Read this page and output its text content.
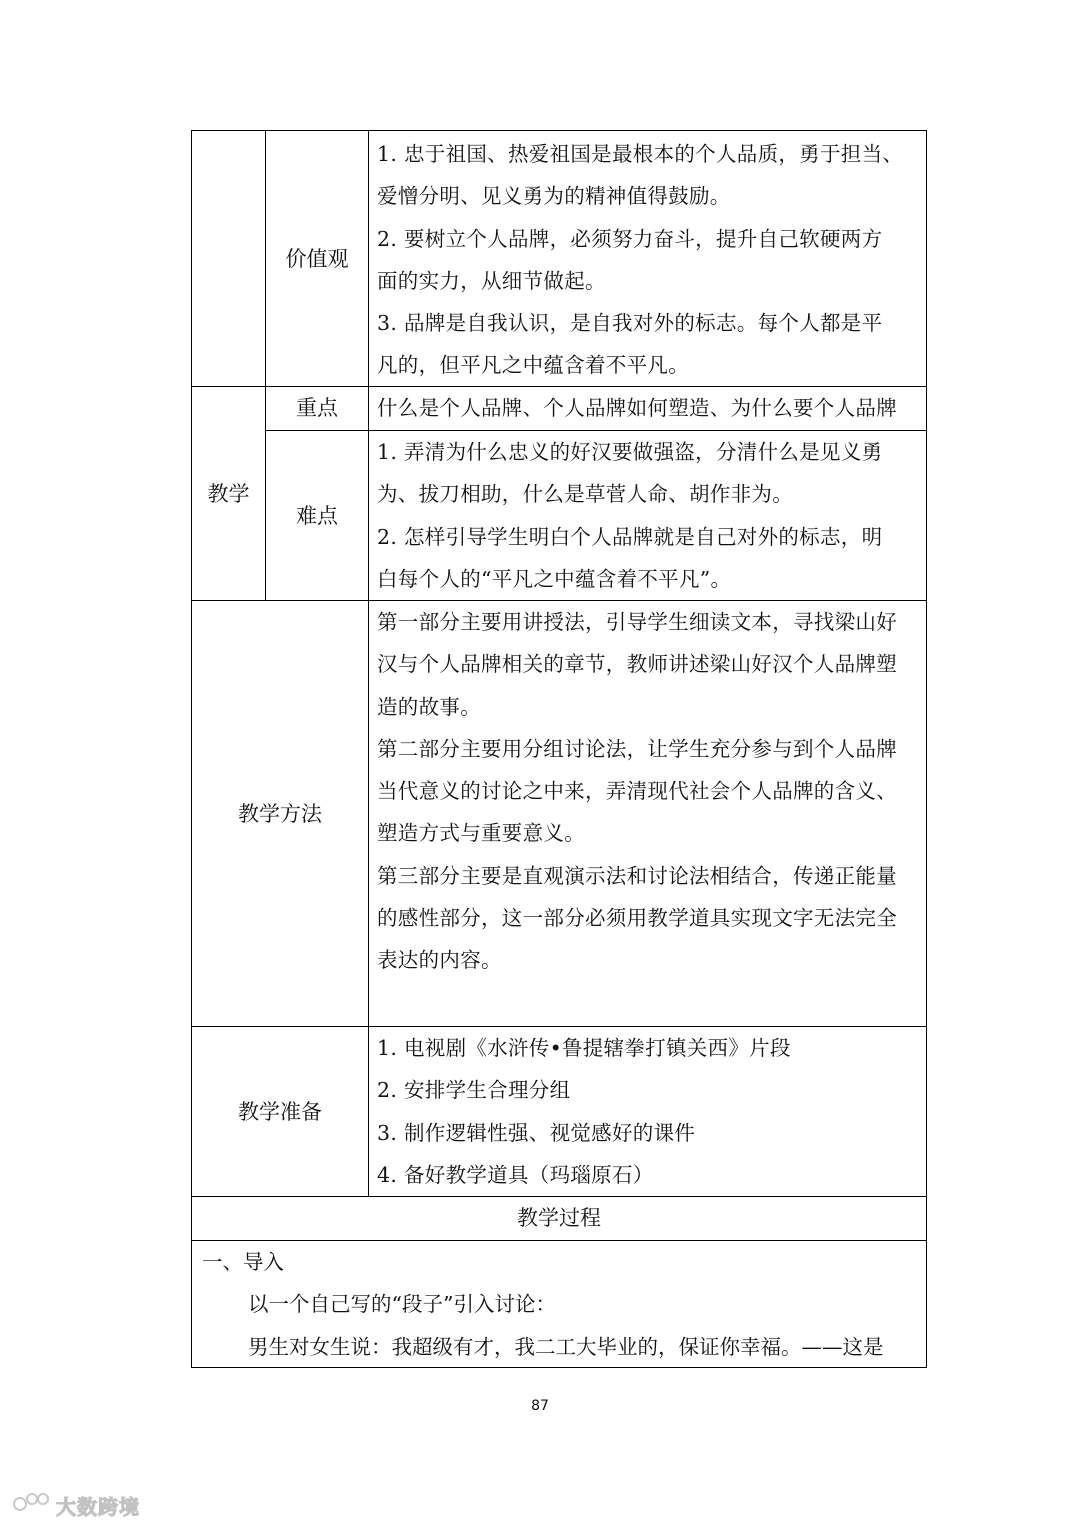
价值观
1. 忠于祖国、热爱祖国是最根本的个人品质，勇于担当、
爱憎分明、见义勇为的精神值得鼓励。
2. 要树立个人品牌，必须努力奋斗，提升自己软硬两方
面的实力，从细节做起。
3. 品牌是自我认识，是自我对外的标志。每个人都是平
凡的，但平凡之中蕴含着不平凡。
教学
重点	什么是个人品牌、个人品牌如何塑造、为什么要个人品牌
难点
1. 弄清为什么忠义的好汉要做强盗，分清什么是见义勇
为、拔刀相助，什么是草菅人命、胡作非为。
2. 怎样引导学生明白个人品牌就是自己对外的标志，明
白每个人的“平凡之中蕴含着不平凡”。
教学方法
第一部分主要用讲授法，引导学生细读文本，寻找梁山好
汉与个人品牌相关的章节，教师讲述梁山好汉个人品牌塑
造的故事。
第二部分主要用分组讨论法，让学生充分参与到个人品牌
当代意义的讨论之中来，弄清现代社会个人品牌的含义、
塑造方式与重要意义。
第三部分主要是直观演示法和讨论法相结合，传递正能量
的感性部分，这一部分必须用教学道具实现文字无法完全
表达的内容。
教学准备
1. 电视剧《水浒传•鲁提辖拳打镇关西》片段
2. 安排学生合理分组
3. 制作逻辑性强、视觉感好的课件
4. 备好教学道具（玛瑙原石）
教学过程
一、导入
以一个自己写的“段子”引入讨论：
男生对女生说：我超级有才，我二工大毕业的，保证你幸福。——这是
87
大数跨境
